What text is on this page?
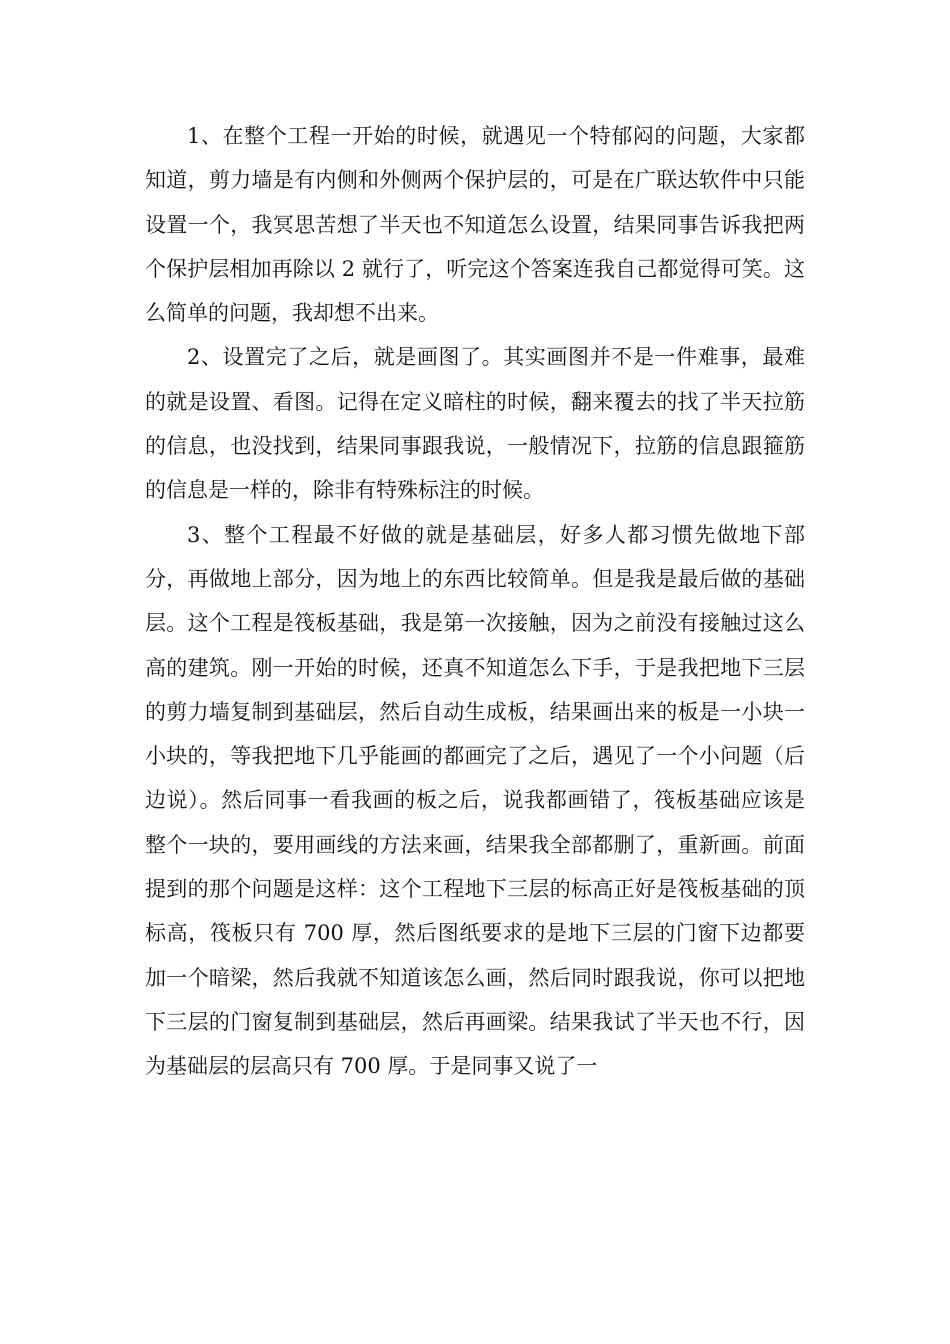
1、在整个工程一开始的时候，就遇见一个特郁闷的问题，大家都知道，剪力墙是有内侧和外侧两个保护层的，可是在广联达软件中只能设置一个，我冥思苦想了半天也不知道怎么设置，结果同事告诉我把两个保护层相加再除以 2 就行了，听完这个答案连我自己都觉得可笑。这么简单的问题，我却想不出来。

2、设置完了之后，就是画图了。其实画图并不是一件难事，最难的就是设置、看图。记得在定义暗柱的时候，翻来覆去的找了半天拉筋的信息，也没找到，结果同事跟我说，一般情况下，拉筋的信息跟箍筋的信息是一样的，除非有特殊标注的时候。

3、整个工程最不好做的就是基础层，好多人都习惯先做地下部分，再做地上部分，因为地上的东西比较简单。但是我是最后做的基础层。这个工程是筏板基础，我是第一次接触，因为之前没有接触过这么高的建筑。刚一开始的时候，还真不知道怎么下手，于是我把地下三层的剪力墙复制到基础层，然后自动生成板，结果画出来的板是一小块一小块的，等我把地下几乎能画的都画完了之后，遇见了一个小问题（后边说）。然后同事一看我画的板之后，说我都画错了，筏板基础应该是整个一块的，要用画线的方法来画，结果我全部都删了，重新画。前面提到的那个问题是这样：这个工程地下三层的标高正好是筏板基础的顶标高，筏板只有 700 厚，然后图纸要求的是地下三层的门窗下边都要加一个暗梁，然后我就不知道该怎么画，然后同时跟我说，你可以把地下三层的门窗复制到基础层，然后再画梁。结果我试了半天也不行，因为基础层的层高只有 700 厚。于是同事又说了一
